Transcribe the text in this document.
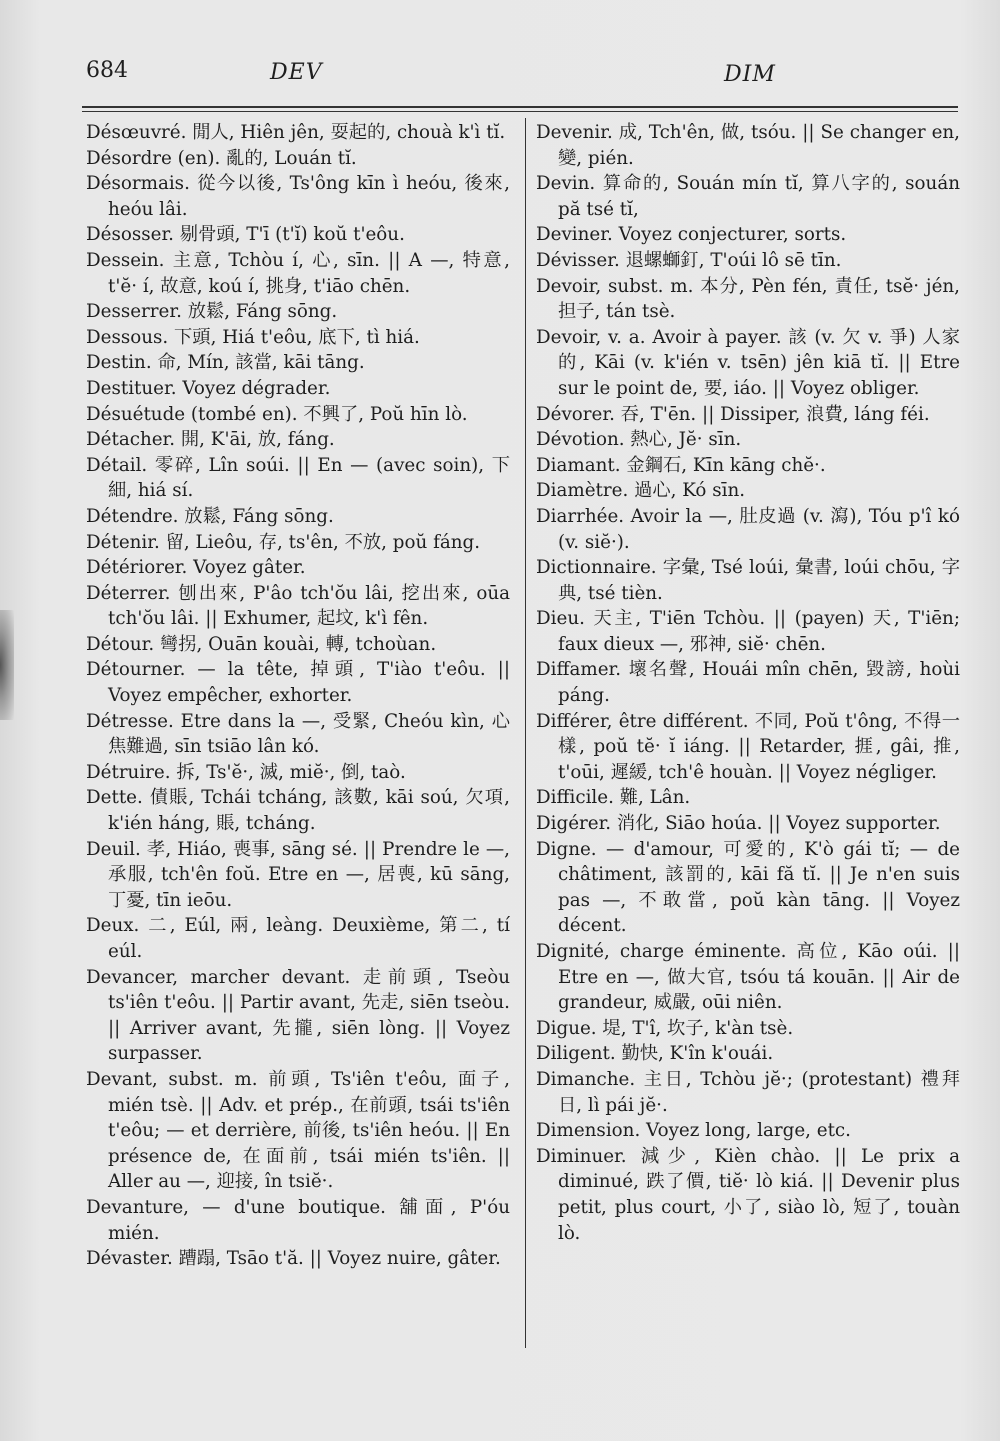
684	DEV	DIM

Désœuvré. 閒人, Hiên jên, 耍起的, chouà k'ì tĭ.

Désordre (en). 亂的, Louán tĭ.

Désormais. 從今以後, Ts'ông kīn ì heóu, 後來, heóu lâi.

Désosser. 剔骨頭, T'ī (t'ĭ) koŭ t'eôu.

Dessein. 主意, Tchòu í, 心, sīn. || A —, 特意, t'ĕ· í, 故意, koú í, 挑身, t'iāo chēn.

Desserrer. 放鬆, Fáng sōng.

Dessous. 下頭, Hiá t'eôu, 底下, tì hiá.

Destin. 命, Mín, 該當, kāi tāng.

Destituer. Voyez dégrader.

Désuétude (tombé en). 不興了, Poŭ hīn lò.

Détacher. 開, K'āi, 放, fáng.

Détail. 零碎, Lîn soúi. || En — (avec soin), 下細, hiá sí.

Détendre. 放鬆, Fáng sōng.

Détenir. 留, Lieôu, 存, ts'ên, 不放, poŭ fáng.

Détériorer. Voyez gâter.

Déterrer. 刨出來, P'âo tch'ŏu lâi, 挖出來, oūa tch'ŏu lâi. || Exhumer, 起坟, k'ì fên.

Détour. 彎拐, Ouān kouài, 轉, tchoùan.

Détourner. — la tête, 掉頭, T'iào t'eôu. || Voyez empêcher, exhorter.

Détresse. Etre dans la —, 受緊, Cheóu kìn, 心焦難過, sīn tsiāo lân kó.

Détruire. 拆, Ts'ĕ·, 滅, miĕ·, 倒, taò.

Dette. 債賬, Tchái tcháng, 該數, kāi soú, 欠項, k'ién háng, 賬, tcháng.

Deuil. 孝, Hiáo, 喪事, sāng sé. || Prendre le —, 承服, tch'ên foŭ. Etre en —, 居喪, kū sāng, 丁憂, tīn ieōu.

Deux. 二, Eúl, 兩, leàng. Deuxième, 第二, tí eúl.

Devancer, marcher devant. 走前頭, Tseòu ts'iên t'eôu. || Partir avant, 先走, siēn tseòu. || Arriver avant, 先攏, siēn lòng. || Voyez surpasser.

Devant, subst. m. 前頭, Ts'iên t'eôu, 面子, mién tsè. || Adv. et prép., 在前頭, tsái ts'iên t'eôu; — et derrière, 前後, ts'iên heóu. || En présence de, 在面前, tsái mién ts'iên. || Aller au —, 迎接, în tsiĕ·.

Devanture, — d'une boutique. 舖面, P'óu mién.

Dévaster. 蹧蹋, Tsāo t'ă. || Voyez nuire, gâter.

Devenir. 成, Tch'ên, 做, tsóu. || Se changer en, 變, pién.

Devin. 算命的, Souán mín tĭ, 算八字的, souán pă tsé tĭ,

Deviner. Voyez conjecturer, sorts.

Dévisser. 退螺螄釘, T'oúi lô sē tīn.

Devoir, subst. m. 本分, Pèn fén, 責任, tsĕ· jén, 担子, tán tsè.

Devoir, v. a. Avoir à payer. 該 (v. 欠 v. 爭) 人家的, Kāi (v. k'ién v. tsēn) jên kiā tĭ. || Etre sur le point de, 要, iáo. || Voyez obliger.

Dévorer. 吞, T'ēn. || Dissiper, 浪費, láng féi.

Dévotion. 熱心, Jĕ· sīn.

Diamant. 金鋼石, Kīn kāng chĕ·.

Diamètre. 過心, Kó sīn.

Diarrhée. Avoir la —, 肚皮過 (v. 瀉), Tóu p'î kó (v. siĕ·).

Dictionnaire. 字彙, Tsé loúi, 彙書, loúi chōu, 字典, tsé tièn.

Dieu. 天主, T'iēn Tchòu. || (payen) 天, T'iēn; faux dieux —, 邪神, siĕ· chēn.

Diffamer. 壞名聲, Houái mîn chēn, 毀謗, hoùi páng.

Différer, être différent. 不同, Poŭ t'ông, 不得一樣, poŭ tĕ· ĭ iáng. || Retarder, 捱, gâi, 推, t'oūi, 遲緩, tch'ê houàn. || Voyez négliger.

Difficile. 難, Lân.

Digérer. 消化, Siāo hoúa. || Voyez supporter.

Digne. — d'amour, 可愛的, K'ò gái tĭ; — de châtiment, 該罰的, kāi fă tĭ. || Je n'en suis pas —, 不敢當, poŭ kàn tāng. || Voyez décent.

Dignité, charge éminente. 高位, Kāo oúi. || Etre en —, 做大官, tsóu tá kouān. || Air de grandeur, 威嚴, oūi niên.

Digue. 堤, T'î, 坎子, k'àn tsè.

Diligent. 勤快, K'în k'ouái.

Dimanche. 主日, Tchòu jĕ·; (protestant) 禮拜日, lì pái jĕ·.

Dimension. Voyez long, large, etc.

Diminuer. 減少, Kièn chào. || Le prix a diminué, 跌了價, tiĕ· lò kiá. || Devenir plus petit, plus court, 小了, siào lò, 短了, touàn lò.
